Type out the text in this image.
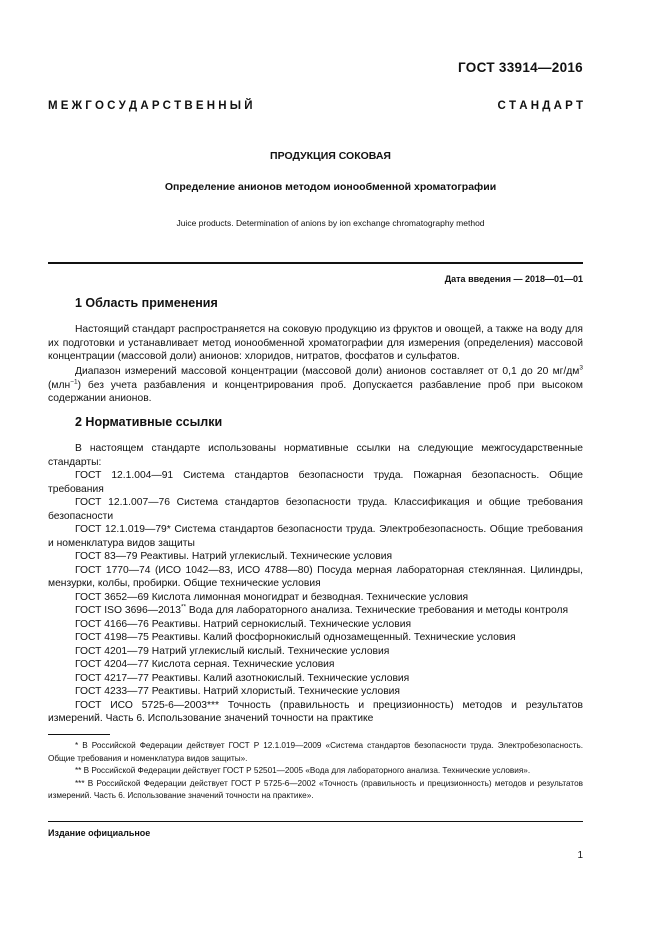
ГОСТ 33914—2016
М Е Ж Г О С У Д А Р С Т В Е Н Н Ы Й	С Т А Н Д А Р Т
ПРОДУКЦИЯ СОКОВАЯ
Определение анионов методом ионообменной хроматографии
Juice products. Determination of anions by ion exchange chromatography method
Дата введения — 2018—01—01
1 Область применения
Настоящий стандарт распространяется на соковую продукцию из фруктов и овощей, а также на воду для их подготовки и устанавливает метод ионообменной хроматографии для измерения (определения) массовой концентрации (массовой доли) анионов: хлоридов, нитратов, фосфатов и сульфатов.
Диапазон измерений массовой концентрации (массовой доли) анионов составляет от 0,1 до 20 $мг/дм^3$ (млн$^{-1}$) без учета разбавления и концентрирования проб. Допускается разбавление проб при высоком содержании анионов.
2 Нормативные ссылки
В настоящем стандарте использованы нормативные ссылки на следующие межгосударственные стандарты:
ГОСТ 12.1.004—91 Система стандартов безопасности труда. Пожарная безопасность. Общие требования
ГОСТ 12.1.007—76 Система стандартов безопасности труда. Классификация и общие требования безопасности
ГОСТ 12.1.019—79* Система стандартов безопасности труда. Электробезопасность. Общие требования и номенклатура видов защиты
ГОСТ 83—79 Реактивы. Натрий углекислый. Технические условия
ГОСТ 1770—74 (ИСО 1042—83, ИСО 4788—80) Посуда мерная лабораторная стеклянная. Цилиндры, мензурки, колбы, пробирки. Общие технические условия
ГОСТ 3652—69 Кислота лимонная моногидрат и безводная. Технические условия
ГОСТ ISO 3696—2013** Вода для лабораторного анализа. Технические требования и методы контроля
ГОСТ 4166—76 Реактивы. Натрий сернокислый. Технические условия
ГОСТ 4198—75 Реактивы. Калий фосфорнокислый однозамещенный. Технические условия
ГОСТ 4201—79 Натрий углекислый кислый. Технические условия
ГОСТ 4204—77 Кислота серная. Технические условия
ГОСТ 4217—77 Реактивы. Калий азотнокислый. Технические условия
ГОСТ 4233—77 Реактивы. Натрий хлористый. Технические условия
ГОСТ ИСО 5725-6—2003*** Точность (правильность и прецизионность) методов и результатов измерений. Часть 6. Использование значений точности на практике
* В Российской Федерации действует ГОСТ Р 12.1.019—2009 «Система стандартов безопасности труда. Электробезопасность. Общие требования и номенклатура видов защиты».
** В Российской Федерации действует ГОСТ Р 52501—2005 «Вода для лабораторного анализа. Технические условия».
*** В Российской Федерации действует ГОСТ Р 5725-6—2002 «Точность (правильность и прецизионность) методов и результатов измерений. Часть 6. Использование значений точности на практике».
Издание официальное
1
